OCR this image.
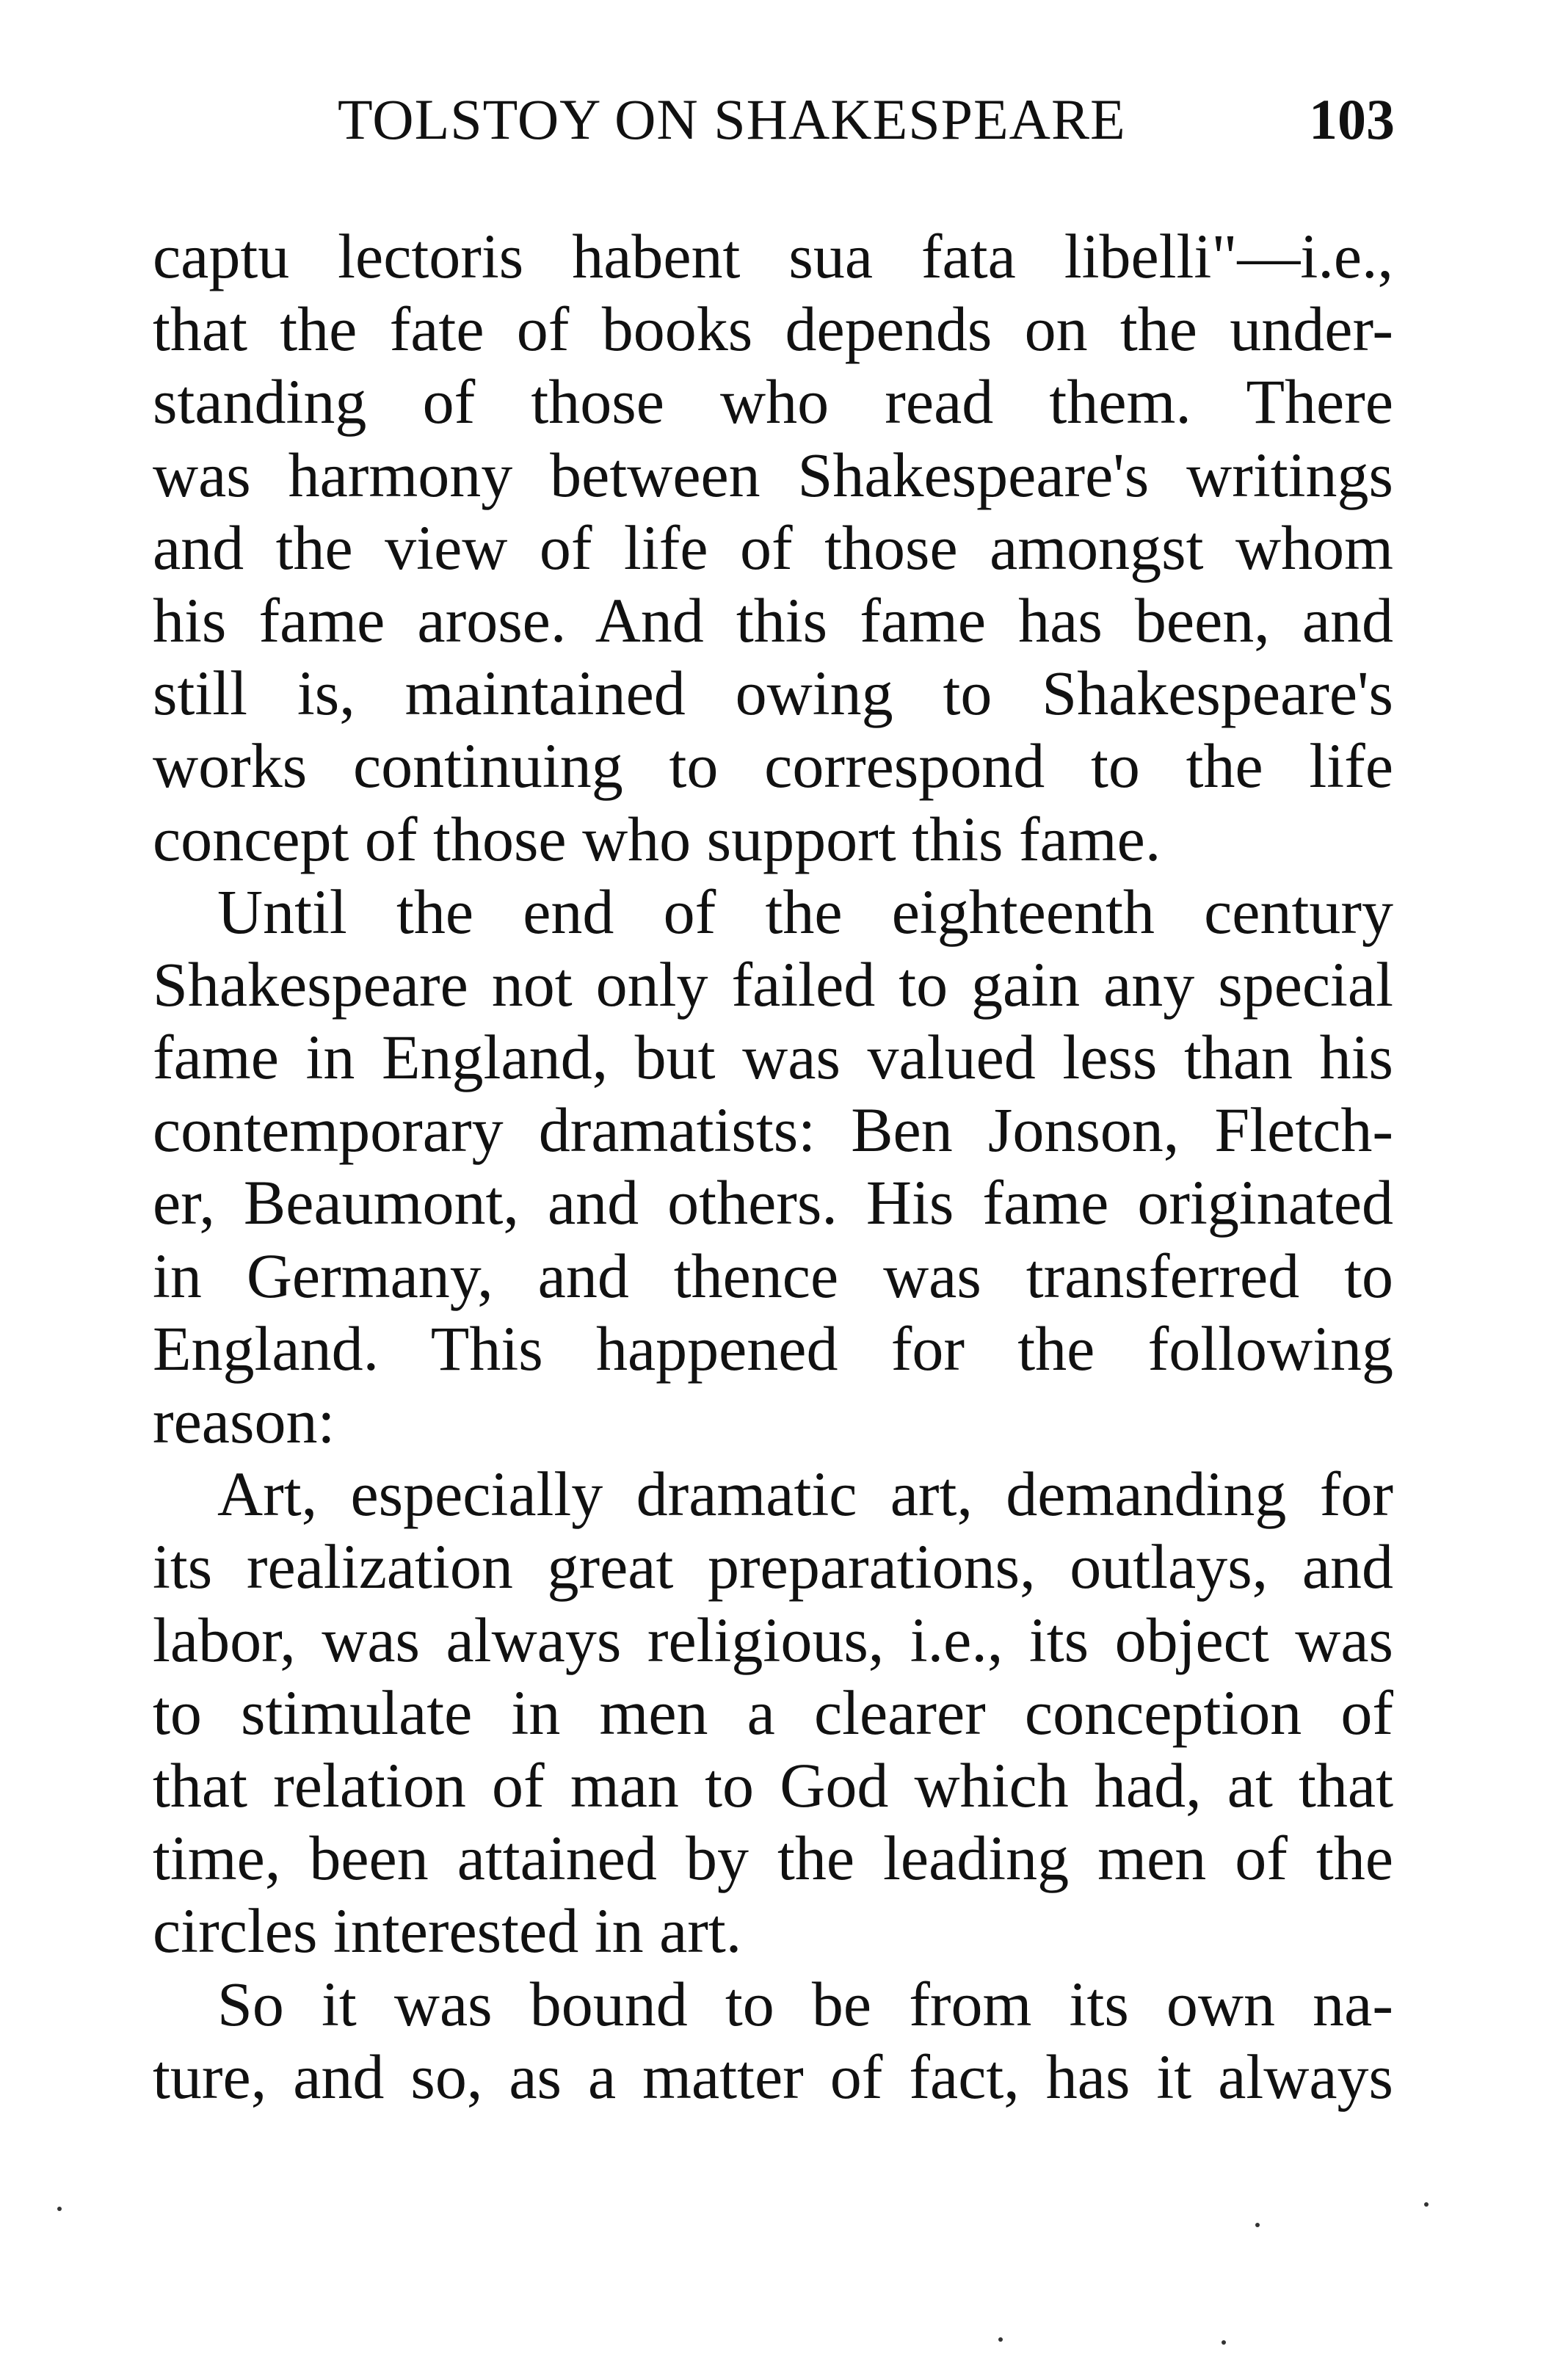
TOLSTOY ON SHAKESPEARE	103
captu lectoris habent sua fata libelli"—i.e.,
that the fate of books depends on the under-
standing of those who read them. There
was harmony between Shakespeare's writings
and the view of life of those amongst whom
his fame arose. And this fame has been, and
still is, maintained owing to Shakespeare's
works continuing to correspond to the life
concept of those who support this fame.
Until the end of the eighteenth century
Shakespeare not only failed to gain any special
fame in England, but was valued less than his
contemporary dramatists: Ben Jonson, Fletch-
er, Beaumont, and others. His fame originated
in Germany, and thence was transferred to
England. This happened for the following
reason:
Art, especially dramatic art, demanding for
its realization great preparations, outlays, and
labor, was always religious, i.e., its object was
to stimulate in men a clearer conception of
that relation of man to God which had, at that
time, been attained by the leading men of the
circles interested in art.
So it was bound to be from its own na-
ture, and so, as a matter of fact, has it always
